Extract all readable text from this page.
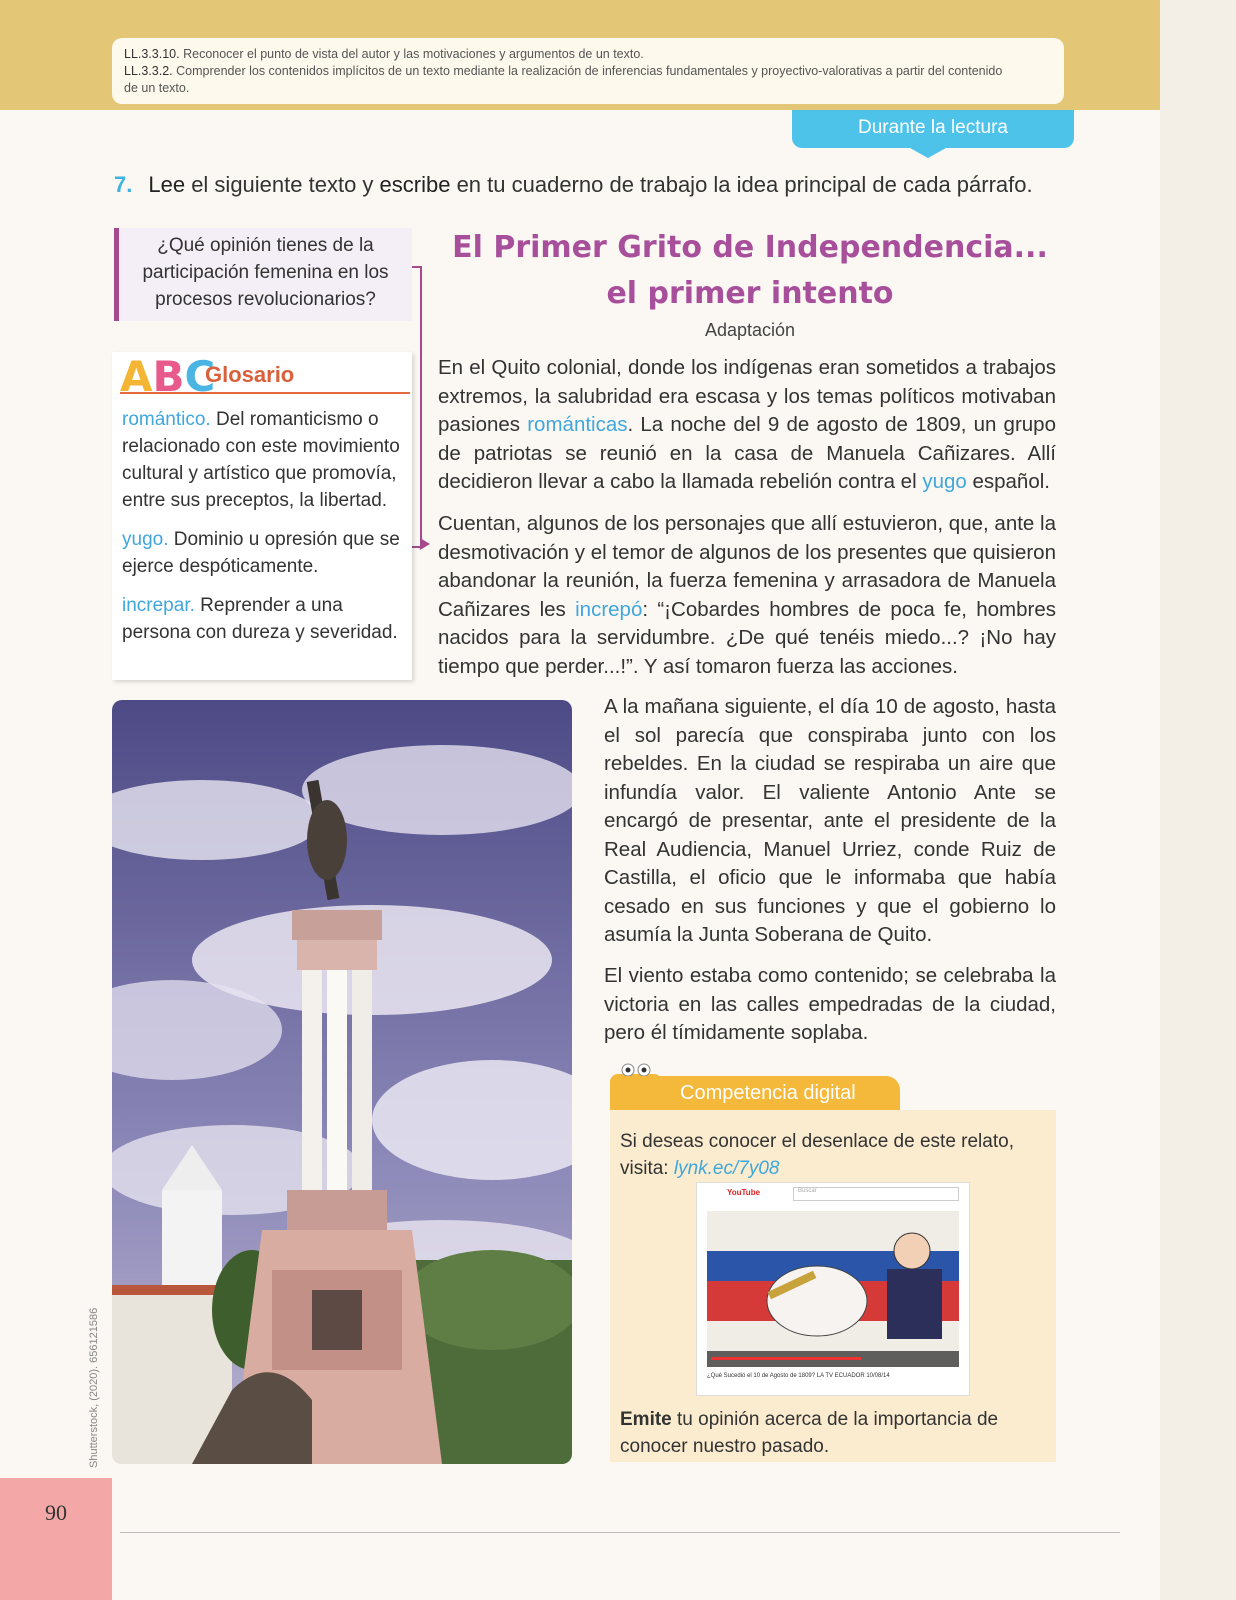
LL.3.3.10. Reconocer el punto de vista del autor y las motivaciones y argumentos de un texto.
LL.3.3.2. Comprender los contenidos implícitos de un texto mediante la realización de inferencias fundamentales y proyectivo-valorativas a partir del contenido
de un texto.
Durante la lectura
7. Lee el siguiente texto y escribe en tu cuaderno de trabajo la idea principal de cada párrafo.
¿Qué opinión tienes de la
participación femenina en los
procesos revolucionarios?
ABC
Glosario

romántico. Del romanticismo o relacionado con este movimiento cultural y artístico que promovía, entre sus preceptos, la libertad.

yugo. Dominio u opresión que se ejerce despóticamente.

increpar. Reprender a una persona con dureza y severidad.

El Primer Grito de Independencia...
el primer intento
Adaptación
En el Quito colonial, donde los indígenas eran sometidos a trabajos extremos, la salubridad era escasa y los temas políticos motivaban pasiones románticas. La noche del 9 de agosto de 1809, un grupo de patriotas se reunió en la casa de Manuela Cañizares. Allí decidieron llevar a cabo la llamada rebelión contra el yugo español.
Cuentan, algunos de los personajes que allí estuvieron, que, ante la desmotivación y el temor de algunos de los presentes que quisieron abandonar la reunión, la fuerza femenina y arrasadora de Manuela Cañizares les increpó: “¡Cobardes hombres de poca fe, hombres nacidos para la servidumbre. ¿De qué tenéis miedo...? ¡No hay tiempo que perder...!”. Y así tomaron fuerza las acciones.
A la mañana siguiente, el día 10 de agosto, hasta el sol parecía que conspiraba junto con los rebeldes. En la ciudad se respiraba un aire que infundía valor. El valiente Antonio Ante se encargó de presentar, ante el presidente de la Real Audiencia, Manuel Urriez, conde Ruiz de Castilla, el oficio que le informaba que había cesado en sus funciones y que el gobierno lo asumía la Junta Soberana de Quito.
El viento estaba como contenido; se celebraba la victoria en las calles empedradas de la ciudad, pero él tímidamente soplaba.
Shutterstock, (2020). 656121586
Competencia digital
Si deseas conocer el desenlace de este relato,
visita: lynk.ec/7y08
YouTube	Buscar
¿Qué Sucedió el 10 de Agosto de 1809? LA TV ECUADOR 10/08/14
Emite tu opinión acerca de la importancia de conocer nuestro pasado.
90
